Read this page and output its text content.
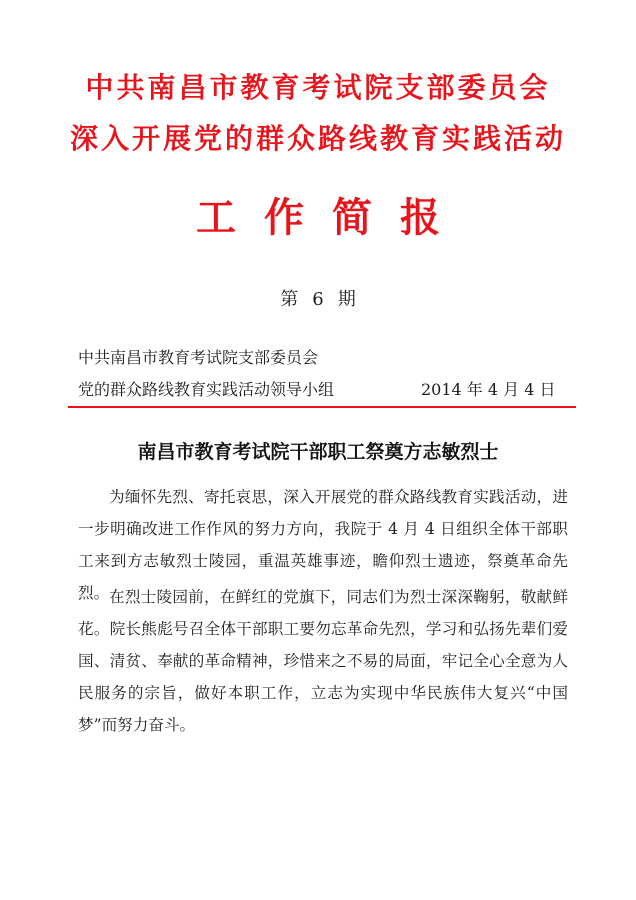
中共南昌市教育考试院支部委员会
深入开展党的群众路线教育实践活动
工作简报
第 6 期
中共南昌市教育考试院支部委员会
党的群众路线教育实践活动领导小组	2014 年 4 月 4 日
南昌市教育考试院干部职工祭奠方志敏烈士

为缅怀先烈、寄托哀思，深入开展党的群众路线教育实践活动，进一步明确改进工作作风的努力方向，我院于 4 月 4 日组织全体干部职工来到方志敏烈士陵园，重温英雄事迹，瞻仰烈士遗迹，祭奠革命先烈。 在烈士陵园前，在鲜红的党旗下，同志们为烈士深深鞠躬，敬献鲜花。院长熊彪号召全体干部职工要勿忘革命先烈，学习和弘扬先辈们爱国、清贫、奉献的革命精神，珍惜来之不易的局面，牢记全心全意为人民服务的宗旨，做好本职工作，立志为实现中华民族伟大复兴“中国梦”而努力奋斗。
